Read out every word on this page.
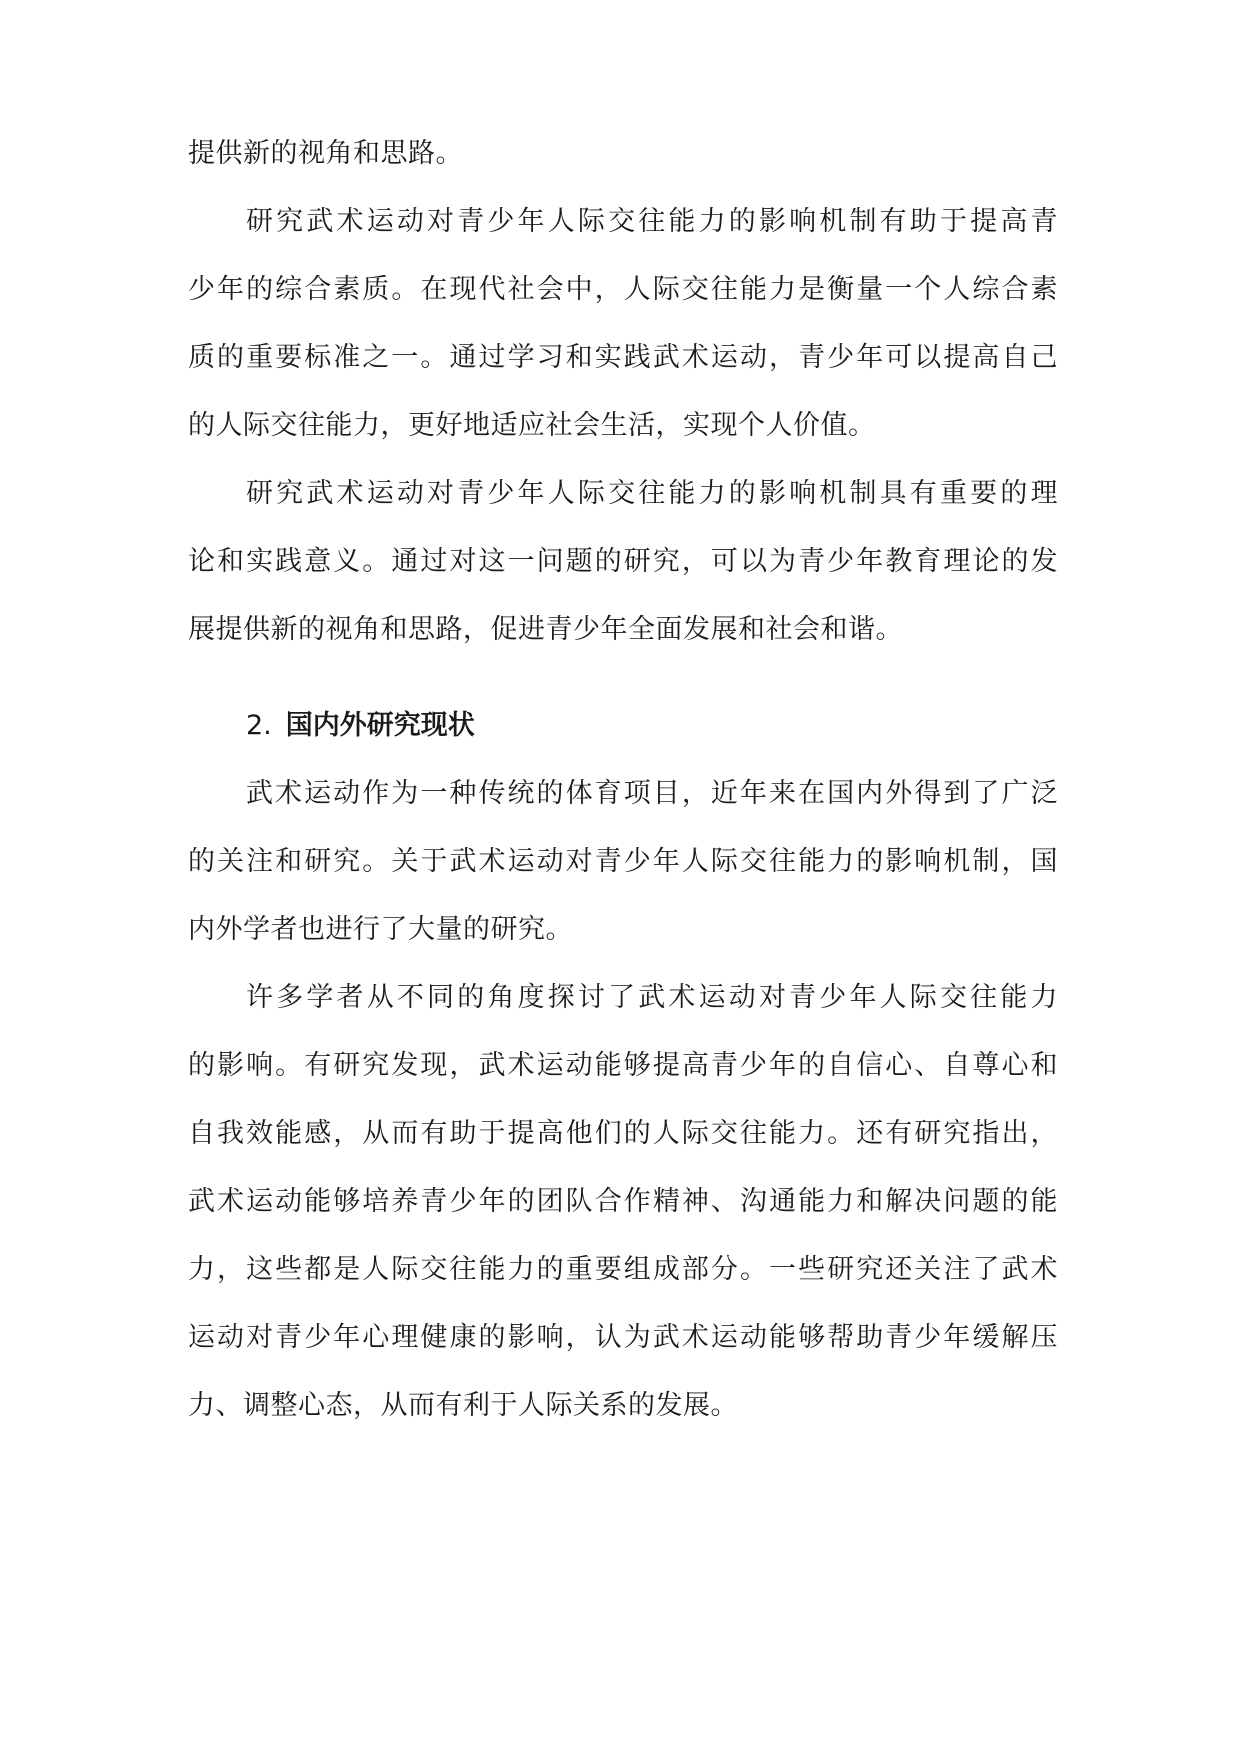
提供新的视角和思路。
研究武术运动对青少年人际交往能力的影响机制有助于提高青
少年的综合素质。在现代社会中，人际交往能力是衡量一个人综合素
质的重要标准之一。通过学习和实践武术运动，青少年可以提高自己
的人际交往能力，更好地适应社会生活，实现个人价值。
研究武术运动对青少年人际交往能力的影响机制具有重要的理
论和实践意义。通过对这一问题的研究，可以为青少年教育理论的发
展提供新的视角和思路，促进青少年全面发展和社会和谐。
2. 国内外研究现状
武术运动作为一种传统的体育项目，近年来在国内外得到了广泛
的关注和研究。关于武术运动对青少年人际交往能力的影响机制，国
内外学者也进行了大量的研究。
许多学者从不同的角度探讨了武术运动对青少年人际交往能力
的影响。有研究发现，武术运动能够提高青少年的自信心、自尊心和
自我效能感，从而有助于提高他们的人际交往能力。还有研究指出，
武术运动能够培养青少年的团队合作精神、沟通能力和解决问题的能
力，这些都是人际交往能力的重要组成部分。一些研究还关注了武术
运动对青少年心理健康的影响，认为武术运动能够帮助青少年缓解压
力、调整心态，从而有利于人际关系的发展。
